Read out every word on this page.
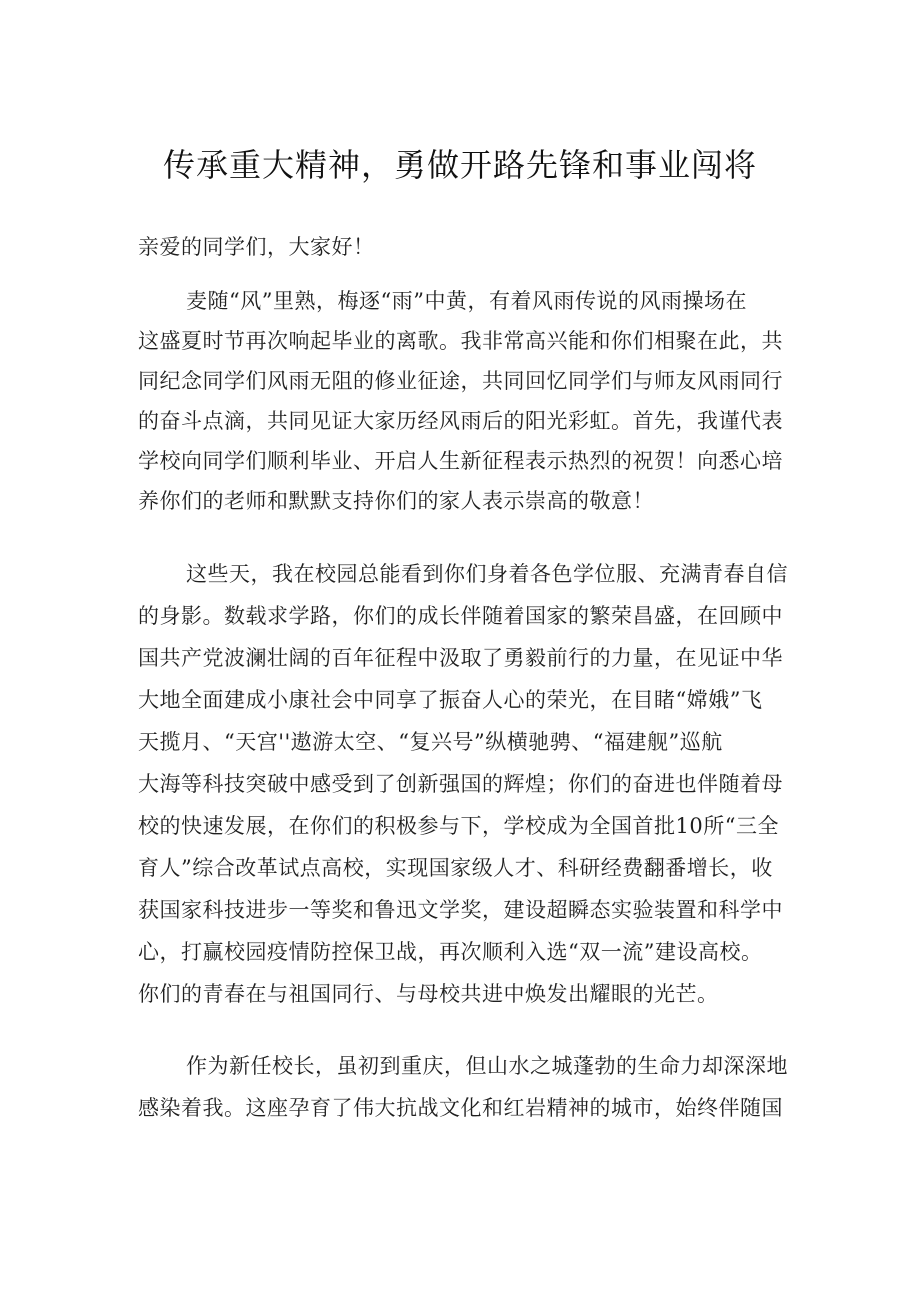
传承重大精神，勇做开路先锋和事业闯将
亲爱的同学们，大家好！
麦随“风”里熟，梅逐“雨”中黄，有着风雨传说的风雨操场在
这盛夏时节再次响起毕业的离歌。我非常高兴能和你们相聚在此，共
同纪念同学们风雨无阻的修业征途，共同回忆同学们与师友风雨同行
的奋斗点滴，共同见证大家历经风雨后的阳光彩虹。首先，我谨代表
学校向同学们顺利毕业、开启人生新征程表示热烈的祝贺！向悉心培
养你们的老师和默默支持你们的家人表示崇高的敬意！
这些天，我在校园总能看到你们身着各色学位服、充满青春自信
的身影。数载求学路，你们的成长伴随着国家的繁荣昌盛，在回顾中
国共产党波澜壮阔的百年征程中汲取了勇毅前行的力量，在见证中华
大地全面建成小康社会中同享了振奋人心的荣光，在目睹“嫦娥”飞
天揽月、“天宫''遨游太空、“复兴号”纵横驰骋、“福建舰”巡航
大海等科技突破中感受到了创新强国的辉煌；你们的奋进也伴随着母
校的快速发展，在你们的积极参与下，学校成为全国首批10所“三全
育人”综合改革试点高校，实现国家级人才、科研经费翻番增长，收
获国家科技进步一等奖和鲁迅文学奖，建设超瞬态实验装置和科学中
心，打赢校园疫情防控保卫战，再次顺利入选“双一流”建设高校。
你们的青春在与祖国同行、与母校共进中焕发出耀眼的光芒。
作为新任校长，虽初到重庆，但山水之城蓬勃的生命力却深深地
感染着我。这座孕育了伟大抗战文化和红岩精神的城市，始终伴随国
